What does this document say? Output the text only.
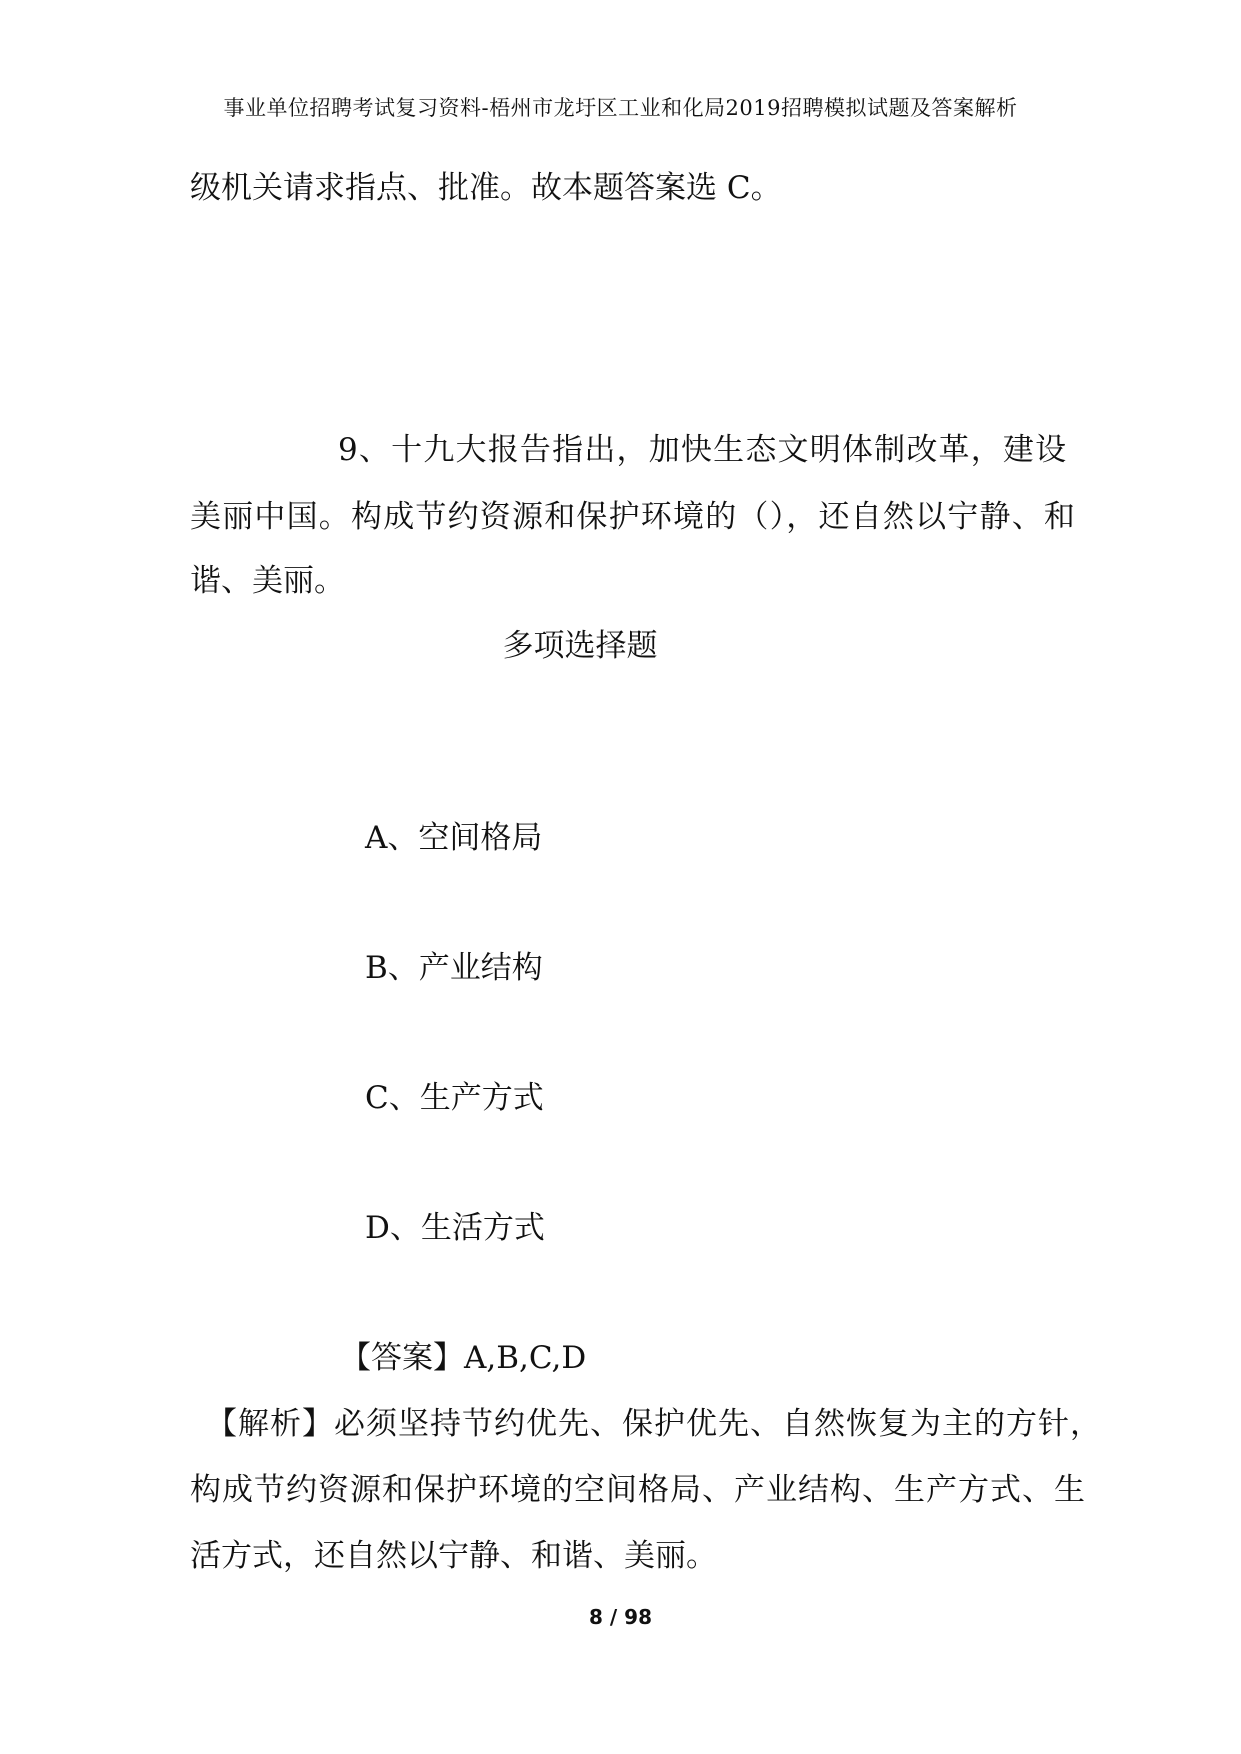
事业单位招聘考试复习资料-梧州市龙圩区工业和化局2019招聘模拟试题及答案解析
级机关请求指点、批准。故本题答案选 C。
9、十九大报告指出，加快生态文明体制改革，建设
美丽中国。构成节约资源和保护环境的（），还自然以宁静、和
谐、美丽。
多项选择题
A、空间格局
B、产业结构
C、生产方式
D、生活方式
【答案】A,B,C,D
【解析】必须坚持节约优先、保护优先、自然恢复为主的方针，
构成节约资源和保护环境的空间格局、产业结构、生产方式、生
活方式，还自然以宁静、和谐、美丽。
8 / 98
